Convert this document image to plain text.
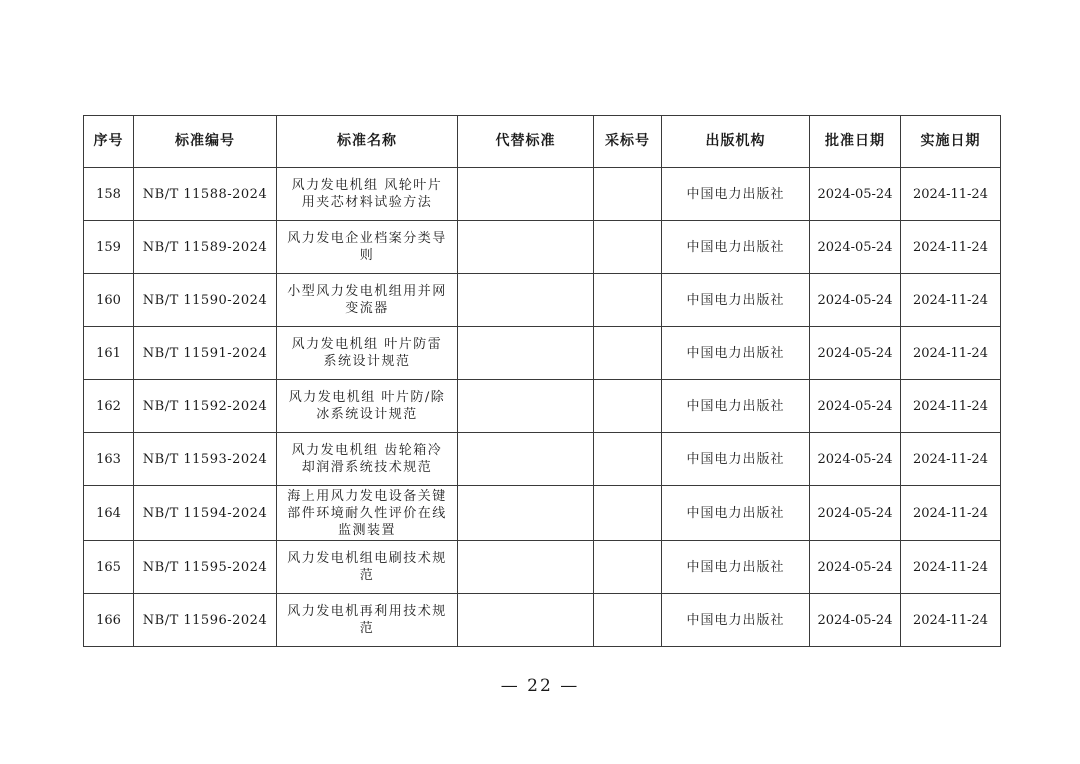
序号	标准编号	标准名称	代替标准	采标号	出版机构	批准日期	实施日期
158	NB/T 11588-2024	风力发电机组 风轮叶片用夹芯材料试验方法			中国电力出版社	2024-05-24	2024-11-24
159	NB/T 11589-2024	风力发电企业档案分类导则			中国电力出版社	2024-05-24	2024-11-24
160	NB/T 11590-2024	小型风力发电机组用并网变流器			中国电力出版社	2024-05-24	2024-11-24
161	NB/T 11591-2024	风力发电机组 叶片防雷系统设计规范			中国电力出版社	2024-05-24	2024-11-24
162	NB/T 11592-2024	风力发电机组 叶片防/除冰系统设计规范			中国电力出版社	2024-05-24	2024-11-24
163	NB/T 11593-2024	风力发电机组 齿轮箱冷却润滑系统技术规范			中国电力出版社	2024-05-24	2024-11-24
164	NB/T 11594-2024	海上用风力发电设备关键部件环境耐久性评价在线监测装置			中国电力出版社	2024-05-24	2024-11-24
165	NB/T 11595-2024	风力发电机组电刷技术规范			中国电力出版社	2024-05-24	2024-11-24
166	NB/T 11596-2024	风力发电机再利用技术规范			中国电力出版社	2024-05-24	2024-11-24
— 22 —
